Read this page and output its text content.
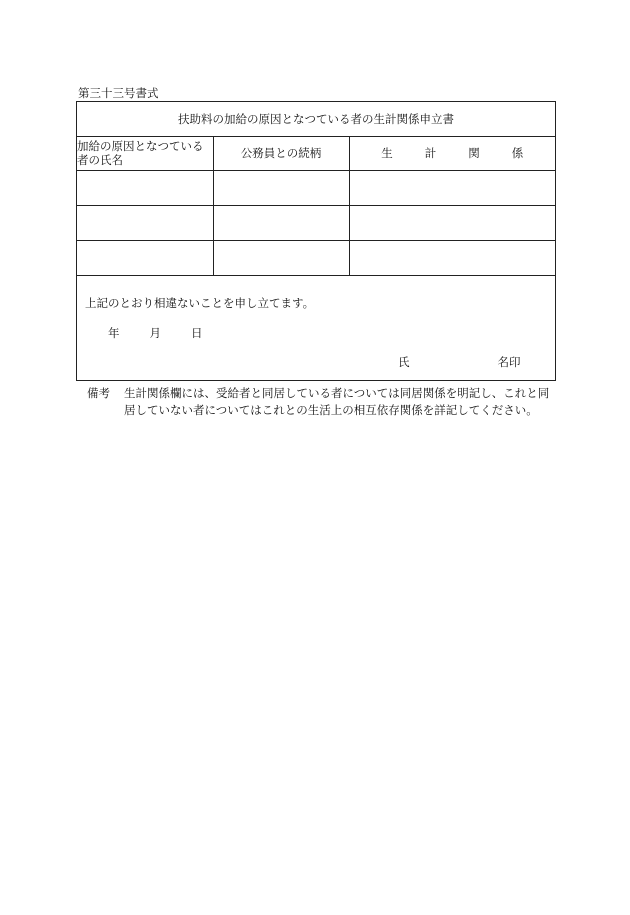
第三十三号書式
扶助料の加給の原因となつている者の生計関係申立書
加給の原因となつている者の氏名	公務員との続柄	生 計 関 係

上記のとおり相違ないことを申し立てます。
年	月	日
氏	名印
備考 生計関係欄には、受給者と同居している者については同居関係を明記し、これと同居していない者についてはこれとの生活上の相互依存関係を詳記してください。
